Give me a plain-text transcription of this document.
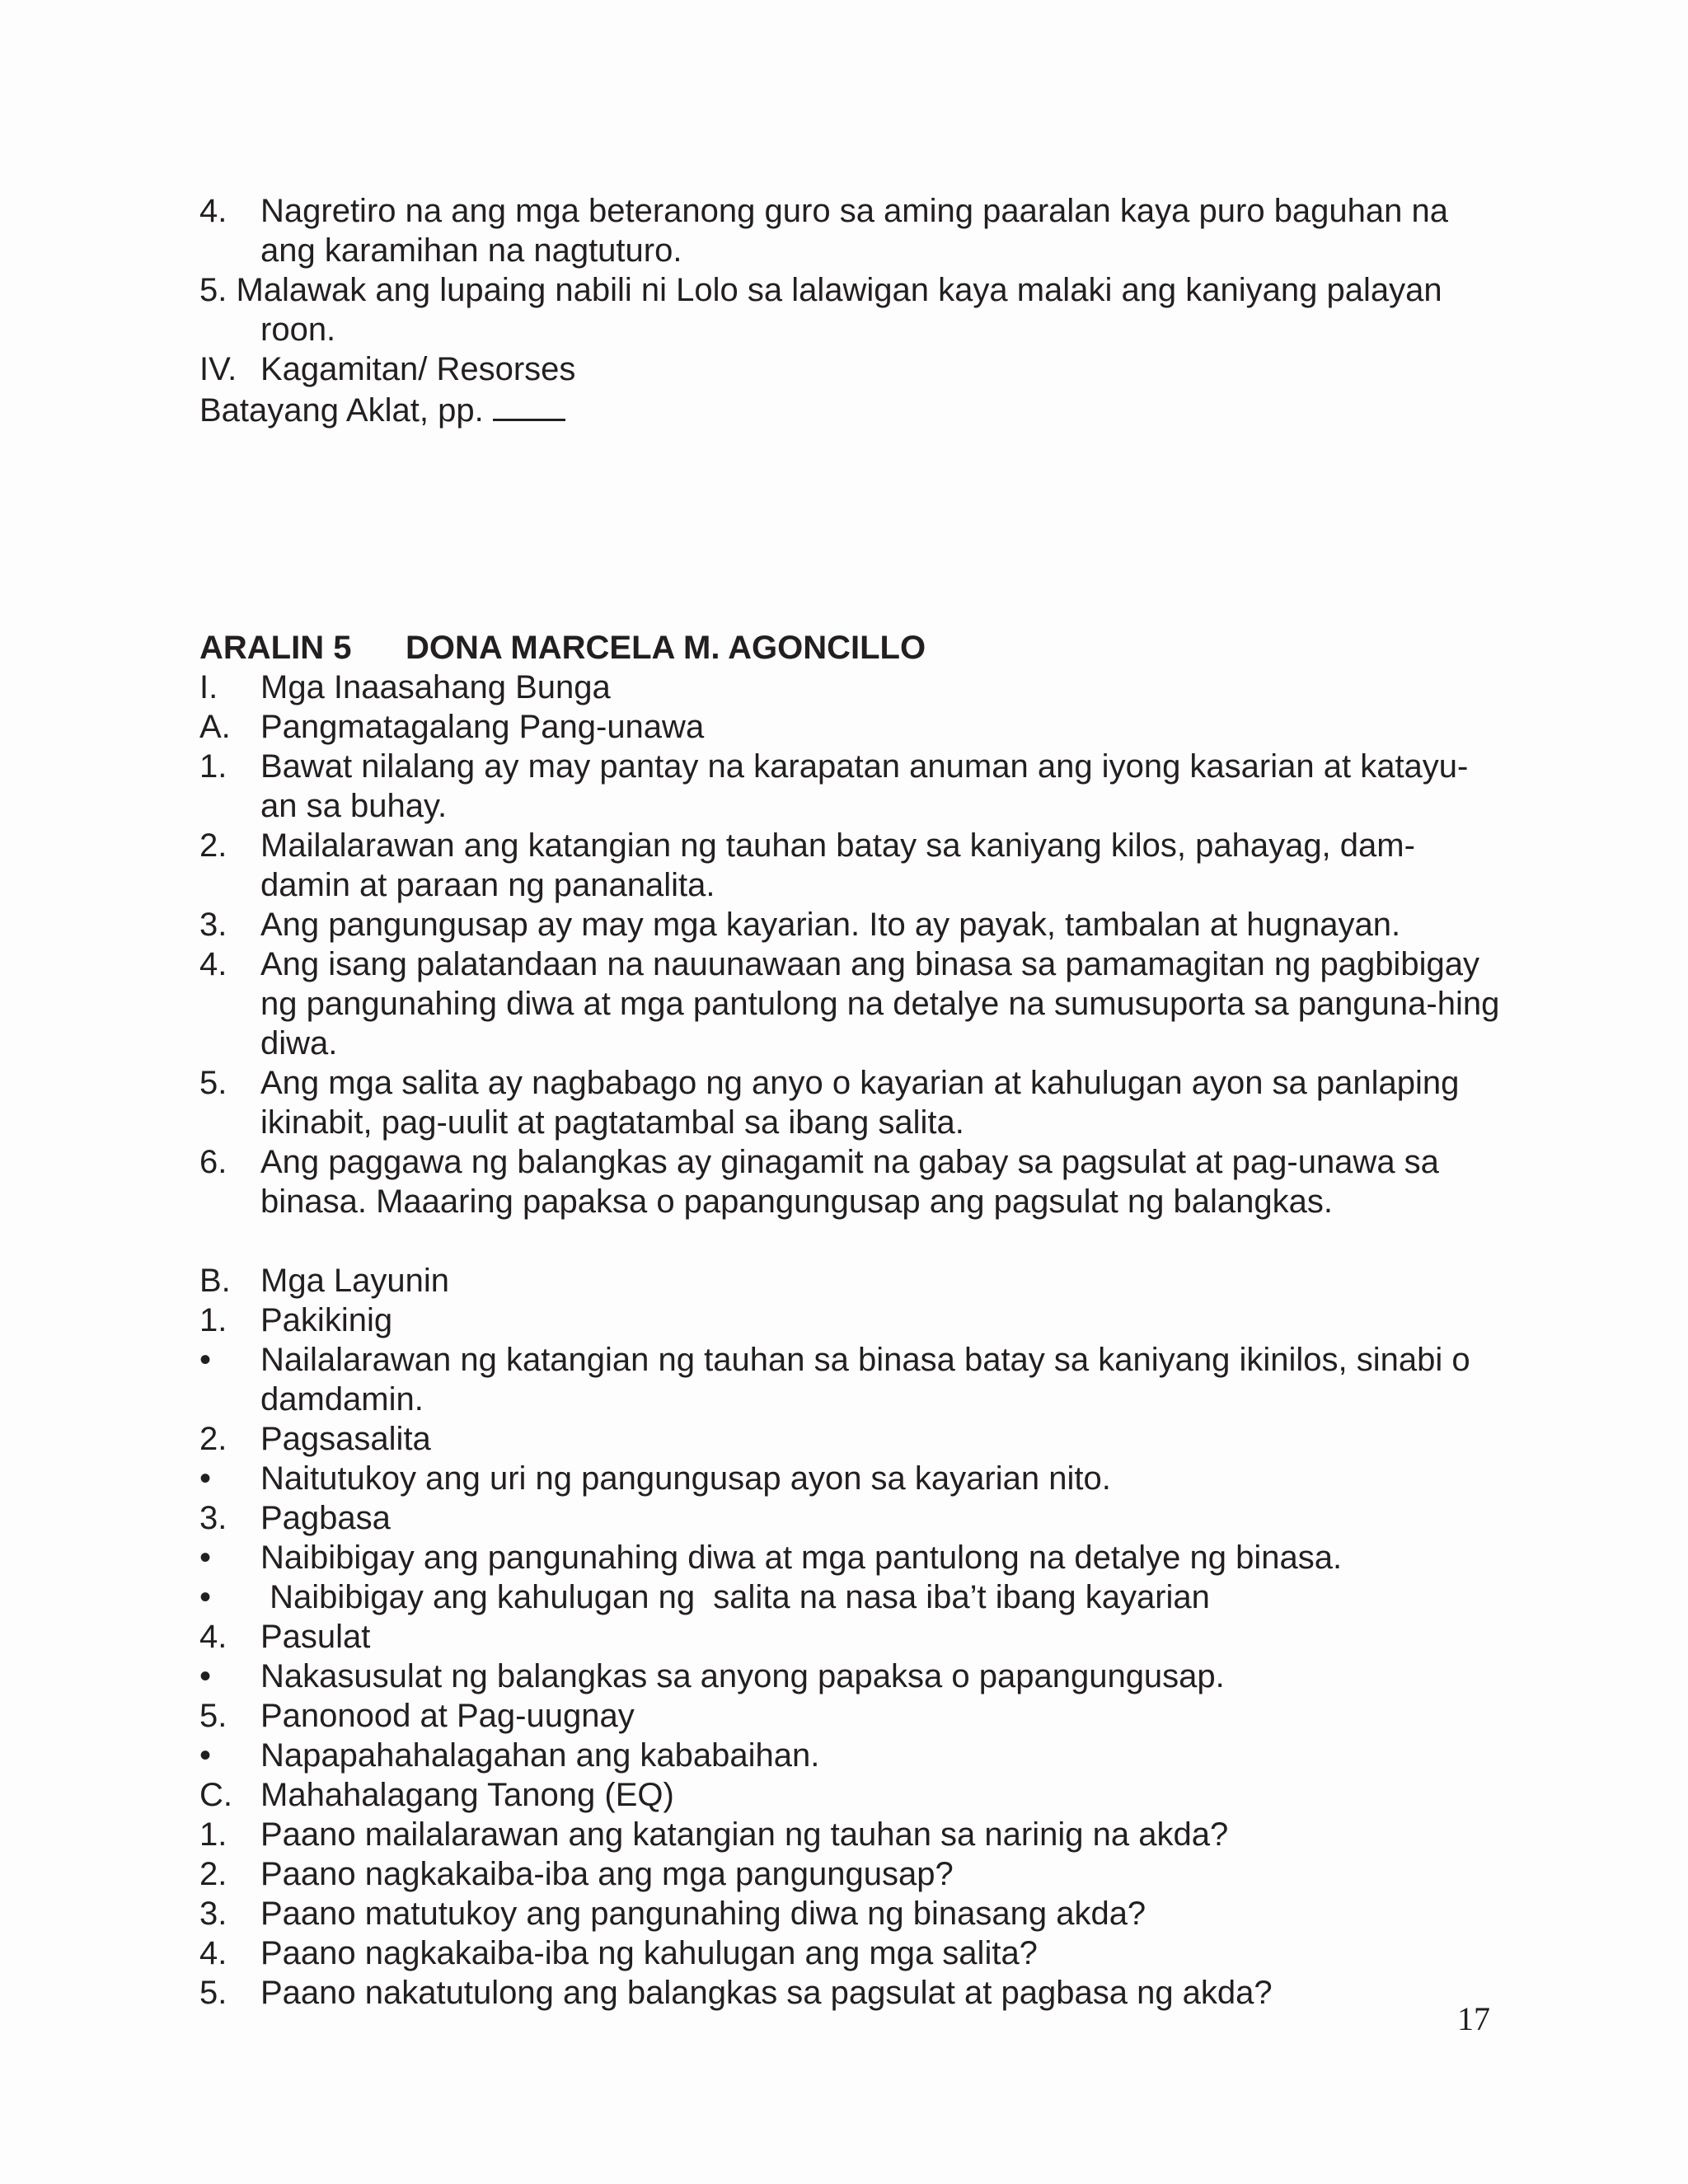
4.	Nagretiro na ang mga beteranong guro sa aming paaralan kaya puro baguhan na ang karamihan na nagtuturo.
5. Malawak ang lupaing nabili ni Lolo sa lalawigan kaya malaki ang kaniyang palayan
roon.
IV. Kagamitan/ Resorses
Batayang Aklat, pp.
ARALIN 5 DONA MARCELA M. AGONCILLO
I.	Mga Inaasahang Bunga
A. Pangmatagalang Pang-unawa
1.	Bawat nilalang ay may pantay na karapatan anuman ang iyong kasarian at katayu-an sa buhay.
2.	Mailalarawan ang katangian ng tauhan batay sa kaniyang kilos, pahayag, dam-damin at paraan ng pananalita.
3.	Ang pangungusap ay may mga kayarian. Ito ay payak, tambalan at hugnayan.
4.	Ang isang palatandaan na nauunawaan ang binasa sa pamamagitan ng pagbibigay ng pangunahing diwa at mga pantulong na detalye na sumusuporta sa panguna-hing diwa.
5.	Ang mga salita ay nagbabago ng anyo o kayarian at kahulugan ayon sa panlaping ikinabit, pag-uulit at pagtatambal sa ibang salita.
6.	Ang paggawa ng balangkas ay ginagamit na gabay sa pagsulat at pag-unawa sa binasa. Maaaring papaksa o papangungusap ang pagsulat ng balangkas.
B. Mga Layunin
1.	Pakikinig
•	Nailalarawan ng katangian ng tauhan sa binasa batay sa kaniyang ikinilos, sinabi o damdamin.
2.	Pagsasalita
•	Naitutukoy ang uri ng pangungusap ayon sa kayarian nito.
3.	Pagbasa
•	Naibibigay ang pangunahing diwa at mga pantulong na detalye ng binasa.
•	Naibibigay ang kahulugan ng  salita na nasa iba’t ibang kayarian
4.	Pasulat
•	Nakasusulat ng balangkas sa anyong papaksa o papangungusap.
5.	Panonood at Pag-uugnay
•	Napapahahalagahan ang kababaihan.
C. Mahahalagang Tanong (EQ)
1.	Paano mailalarawan ang katangian ng tauhan sa narinig na akda?
2.	Paano nagkakaiba-iba ang mga pangungusap?
3.	Paano matutukoy ang pangunahing diwa ng binasang akda?
4.	Paano nagkakaiba-iba ng kahulugan ang mga salita?
5.	Paano nakatutulong ang balangkas sa pagsulat at pagbasa ng akda?
17
